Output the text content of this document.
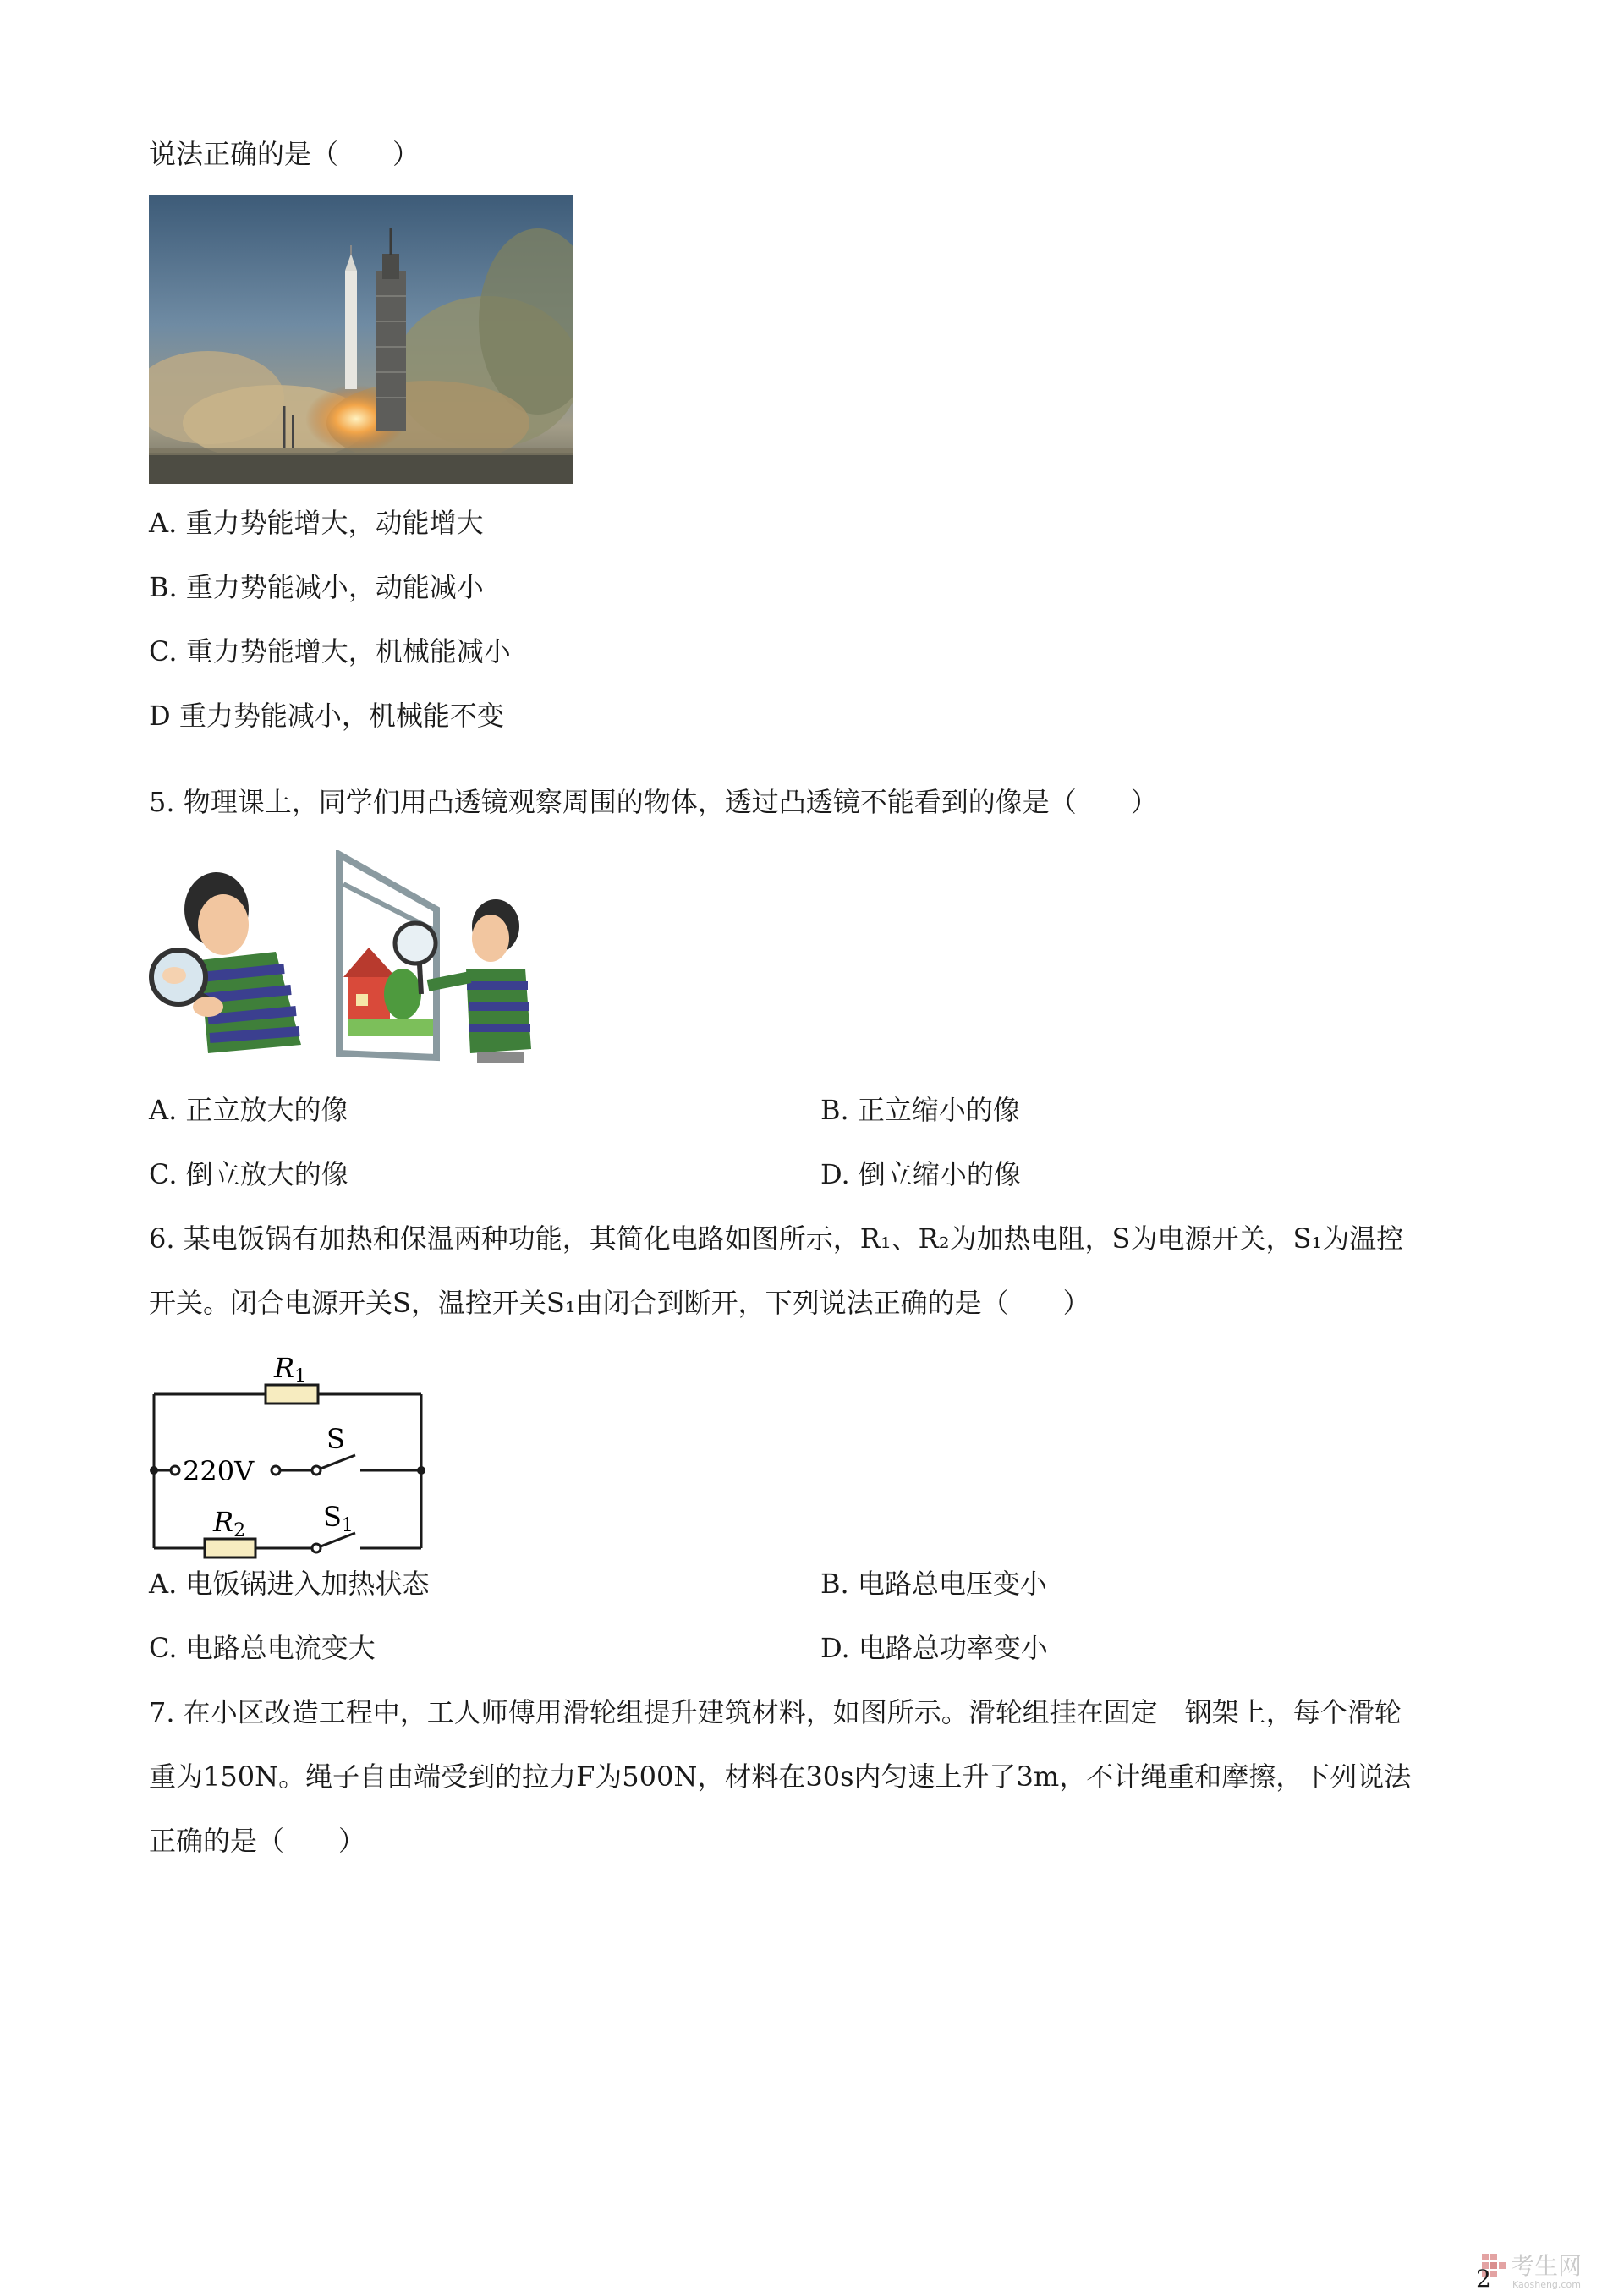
说法正确的是（　　）
A. 重力势能增大，动能增大
B. 重力势能减小，动能减小
C. 重力势能增大，机械能减小
D 重力势能减小，机械能不变
5. 物理课上，同学们用凸透镜观察周围的物体，透过凸透镜不能看到的像是（　　）
A. 正立放大的像	B. 正立缩小的像
C. 倒立放大的像	D. 倒立缩小的像
6. 某电饭锅有加热和保温两种功能，其简化电路如图所示，R₁、R₂为加热电阻，S为电源开关，S₁为温控
开关。闭合电源开关S，温控开关S₁由闭合到断开，下列说法正确的是（　　）
R1
R2
220V
S
S1
A. 电饭锅进入加热状态	B. 电路总电压变小
C. 电路总电流变大	D. 电路总功率变小
7. 在小区改造工程中，工人师傅用滑轮组提升建筑材料，如图所示。滑轮组挂在固定　钢架上，每个滑轮
重为150N。绳子自由端受到的拉力F为500N，材料在30s内匀速上升了3m，不计绳重和摩擦，下列说法
正确的是（　　）
考生网
Kaosheng.com
2
